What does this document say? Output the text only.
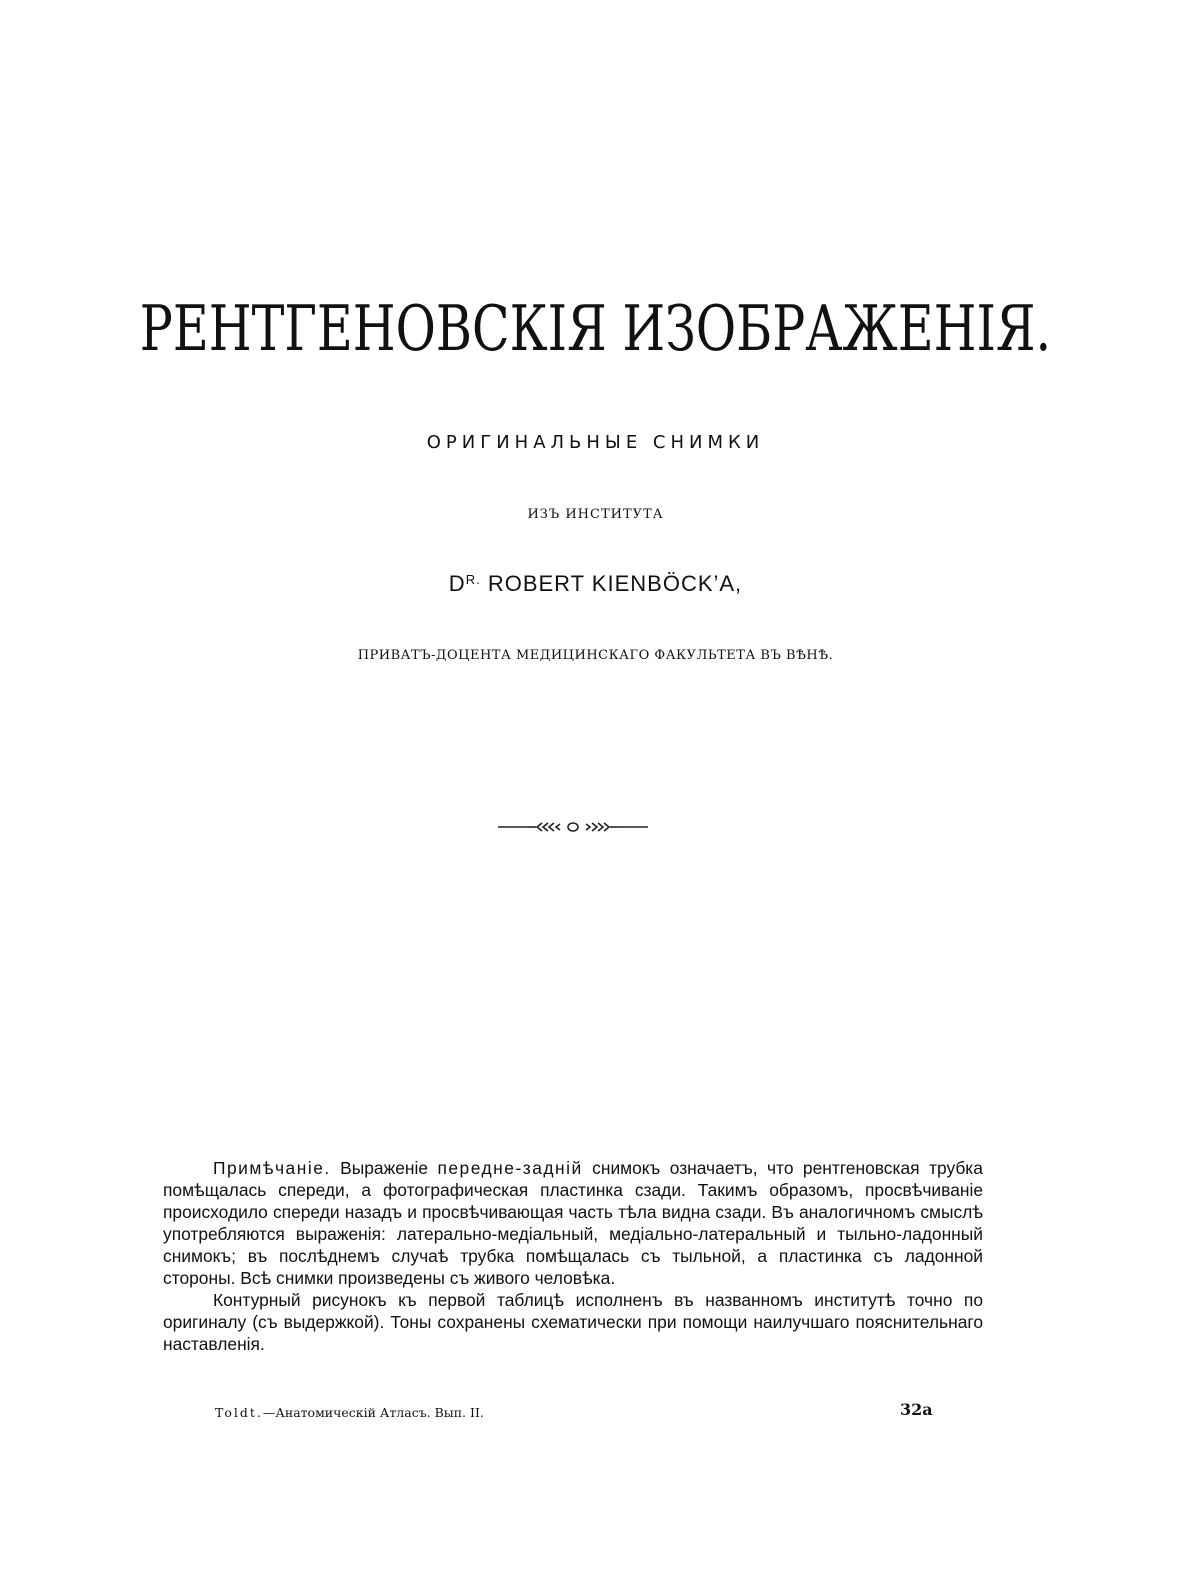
РЕНТГЕНОВСКІЯ ИЗОБРАЖЕНІЯ.
ОРИГИНАЛЬНЫЕ СНИМКИ
ИЗЪ ИНСТИТУТА
$D^{R.}$ ROBERT KIENBÖCK’A,
ПРИВАТЪ-ДОЦЕНТА МЕДИЦИНСКАГО ФАКУЛЬТЕТА ВЪ ВѢНѢ.

Примѣчаніе. Выраженіе передне-задній снимокъ означаетъ, что рентгеновская трубка помѣщалась спереди, а фотографическая пластинка сзади. Такимъ образомъ, просвѣчиваніе происходило спереди назадъ и просвѣчивающая часть тѣла видна сзади. Въ аналогичномъ смыслѣ употребляются выраженія: латерально-медіальный, медіально-латеральный и тыльно-ладонный снимокъ; въ послѣднемъ случаѣ трубка помѣщалась съ тыльной, а пластинка съ ладонной стороны. Всѣ снимки произведены съ живого человѣка.

Контурный рисунокъ къ первой таблицѣ исполненъ въ названномъ институтѣ точно по оригиналу (съ выдержкой). Тоны сохранены схематически при помощи наилучшаго пояснительнаго наставленія.

Toldt.—Анатомическій Атласъ. Вып. II.	32a
